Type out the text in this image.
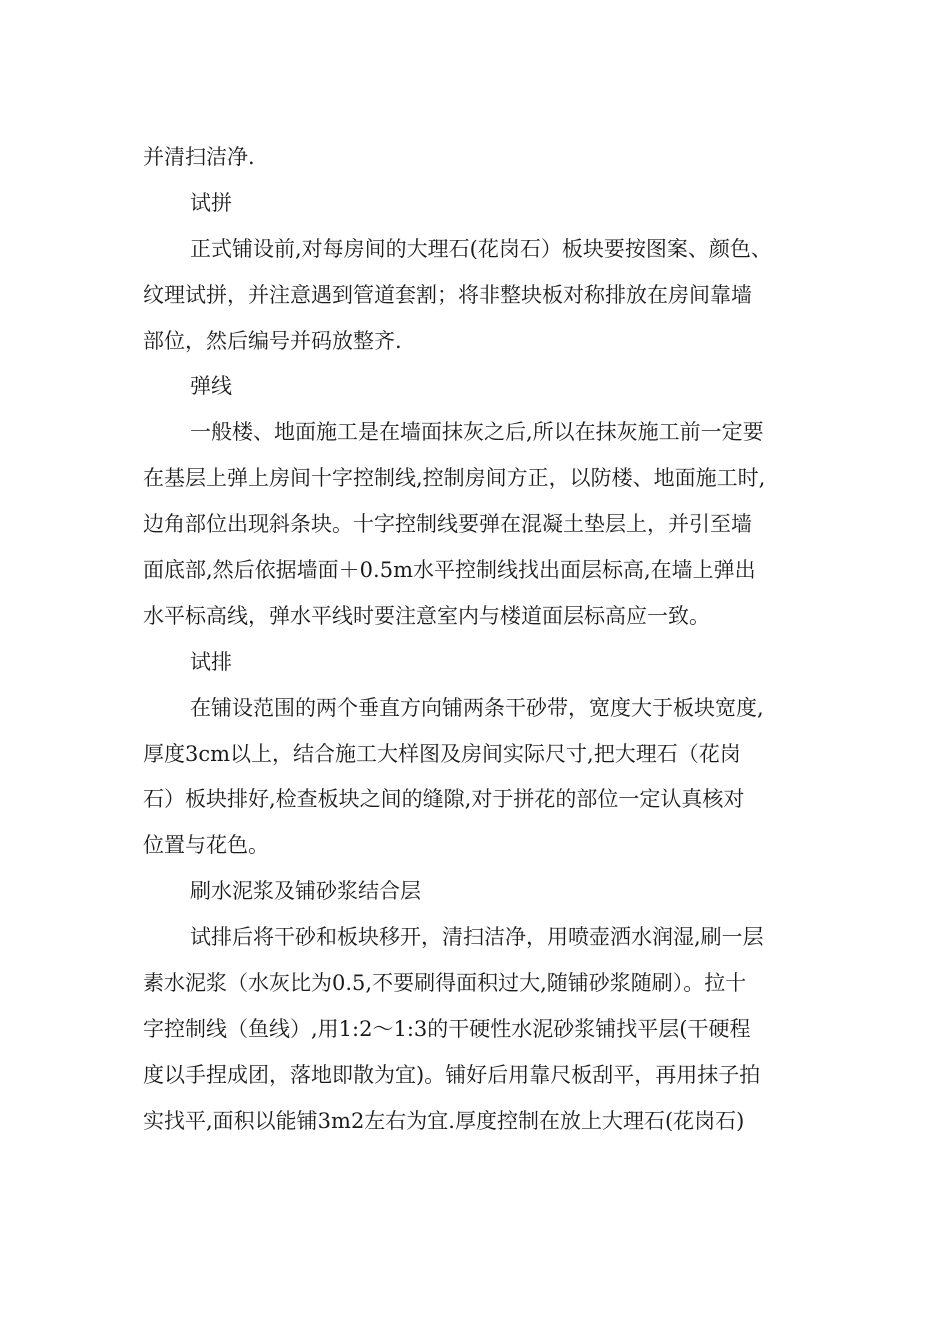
并清扫洁净.
试拼
正式铺设前,对每房间的大理石(花岗石）板块要按图案、颜色、
纹理试拼，并注意遇到管道套割；将非整块板对称排放在房间靠墙
部位，然后编号并码放整齐.
弹线
一般楼、地面施工是在墙面抹灰之后,所以在抹灰施工前一定要
在基层上弹上房间十字控制线,控制房间方正，以防楼、地面施工时,
边角部位出现斜条块。十字控制线要弹在混凝土垫层上，并引至墙
面底部,然后依据墙面＋0.5m水平控制线找出面层标高,在墙上弹出
水平标高线，弹水平线时要注意室内与楼道面层标高应一致。
试排
在铺设范围的两个垂直方向铺两条干砂带，宽度大于板块宽度,
厚度3cm以上，结合施工大样图及房间实际尺寸,把大理石（花岗
石）板块排好,检查板块之间的缝隙,对于拼花的部位一定认真核对
位置与花色。
刷水泥浆及铺砂浆结合层
试排后将干砂和板块移开，清扫洁净，用喷壶洒水润湿,刷一层
素水泥浆（水灰比为0.5,不要刷得面积过大,随铺砂浆随刷）。拉十
字控制线（鱼线）,用1:2～1:3的干硬性水泥砂浆铺找平层(干硬程
度以手捏成团，落地即散为宜)。铺好后用靠尺板刮平，再用抹子拍
实找平,面积以能铺3m2左右为宜.厚度控制在放上大理石(花岗石)
